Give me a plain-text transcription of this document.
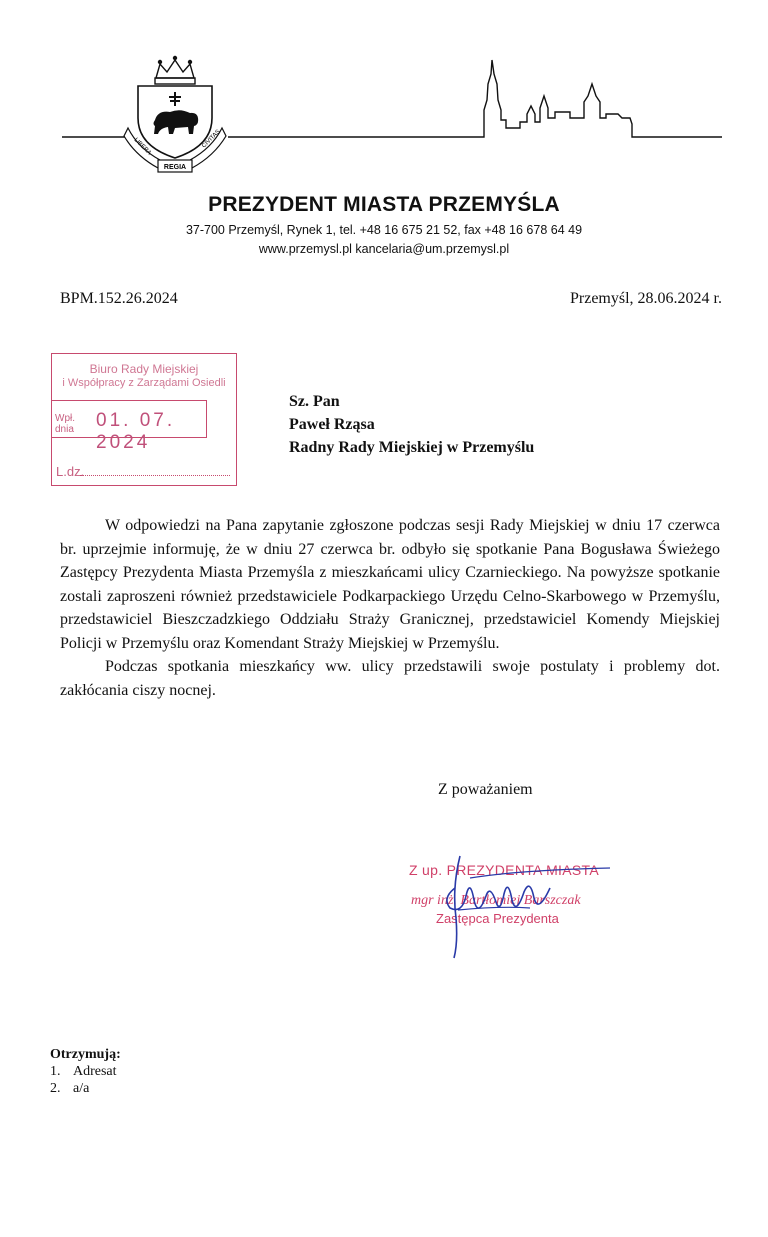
LIBERA
REGIA
CIVITAS
PREZYDENT MIASTA PRZEMYŚLA
37-700 Przemyśl, Rynek 1, tel. +48 16 675 21 52, fax +48 16 678 64 49
www.przemysl.pl kancelaria@um.przemysl.pl
BPM.152.26.2024	Przemyśl, 28.06.2024 r.
Biuro Rady Miejskiej
i Współpracy z Zarządami Osiedli
Wpł.
dnia 01. 07. 2024
L.dz.
Sz. Pan
Paweł Rząsa
Radny Rady Miejskiej w Przemyślu

W odpowiedzi na Pana zapytanie zgłoszone podczas sesji Rady Miejskiej w dniu 17 czerwca br. uprzejmie informuję, że w dniu 27 czerwca br. odbyło się spotkanie Pana Bogusława Świeżego Zastępcy Prezydenta Miasta Przemyśla z mieszkańcami ulicy Czarnieckiego. Na powyższe spotkanie zostali zaproszeni również przedstawiciele Podkarpackiego Urzędu Celno-Skarbowego w Przemyślu, przedstawiciel Bieszczadzkiego Oddziału Straży Granicznej, przedstawiciel Komendy Miejskiej Policji w Przemyślu oraz Komendant Straży Miejskiej w Przemyślu.

Podczas spotkania mieszkańcy ww. ulicy przedstawili swoje postulaty i problemy dot. zakłócania ciszy nocnej.

Z poważaniem
Z up. PREZYDENTA MIASTA
mgr inż. Bartłomiej Barszczak
Zastępca Prezydenta
Otrzymują:
1. Adresat
2. a/a
